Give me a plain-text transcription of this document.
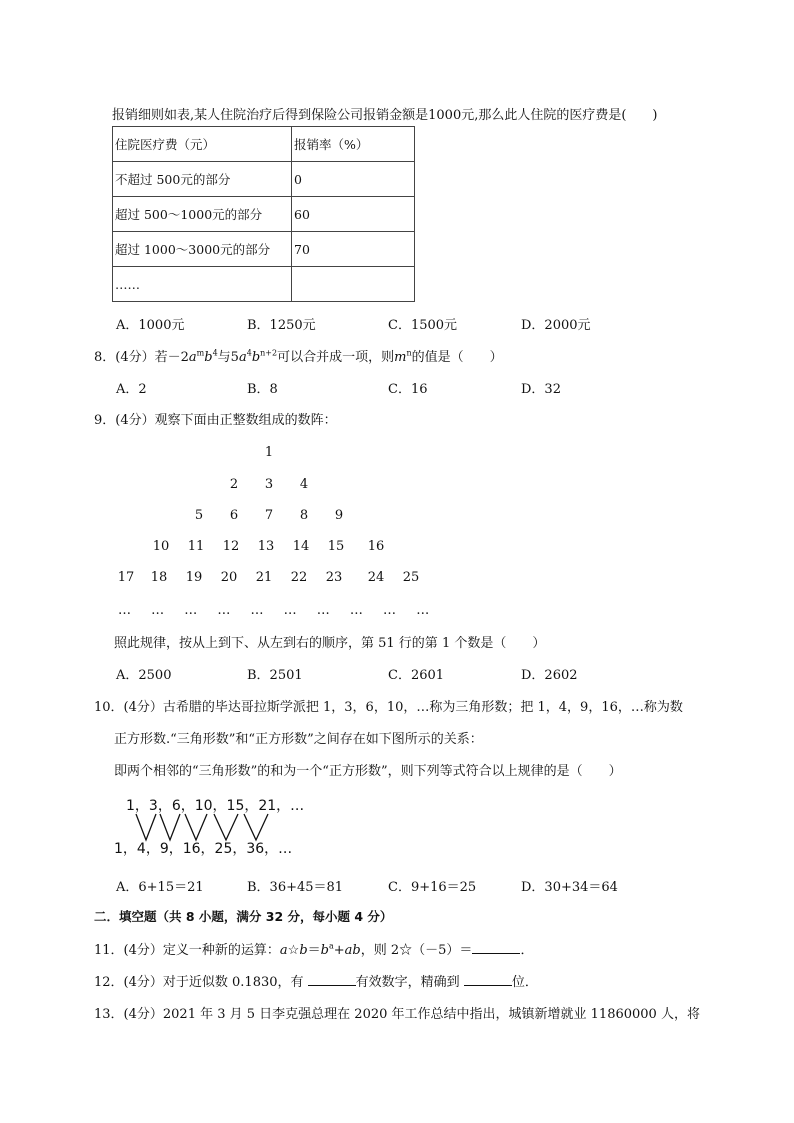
报销细则如表,某人住院治疗后得到保险公司报销金额是1000元,那么此人住院的医疗费是(　　)
住院医疗费（元）	报销率（%）
不超过 500元的部分	0
超过 500～1000元的部分	60
超过 1000～3000元的部分	70
……	
A．1000元	B．1250元	C．1500元	D．2000元
8．(4分）若$-2a^mb^4$与$5a^4b^{n+2}$可以合并成一项，则$m^n$的值是（　　）
A．2	B．8	C．16	D．32
9．(4分）观察下面由正整数组成的数阵：
1
2	3	4
5	6	7	8	9
10 11 12 13 14 15 16
17 18 19 20 21 22 23 24 25
…　 …　 …　 …　 …　 …　 …　 …　 …　 …
照此规律，按从上到下、从左到右的顺序，第 51 行的第 1 个数是（　　）
A．2500	B．2501	C．2601	D．2602
10．(4分）古希腊的毕达哥拉斯学派把 1，3，6，10，…称为三角形数；把 1，4，9，16，…称为数
正方形数.“三角形数”和“正方形数”之间存在如下图所示的关系：
即两个相邻的“三角形数”的和为一个“正方形数”，则下列等式符合以上规律的是（　　）
1，3，6，10，15，21，…
1，4，9，16，25，36，…
A．6+15＝21	B．36+45＝81	C．9+16＝25	D．30+34＝64
二．填空题（共 8 小题，满分 32 分，每小题 4 分）
11．(4分）定义一种新的运算：$a☆b=b^a+ab$，则 2☆（－5）＝	．
12．(4分）对于近似数 0.1830，有	有效数字，精确到	位．
13．(4分）2021 年 3 月 5 日李克强总理在 2020 年工作总结中指出，城镇新增就业 11860000 人，将
